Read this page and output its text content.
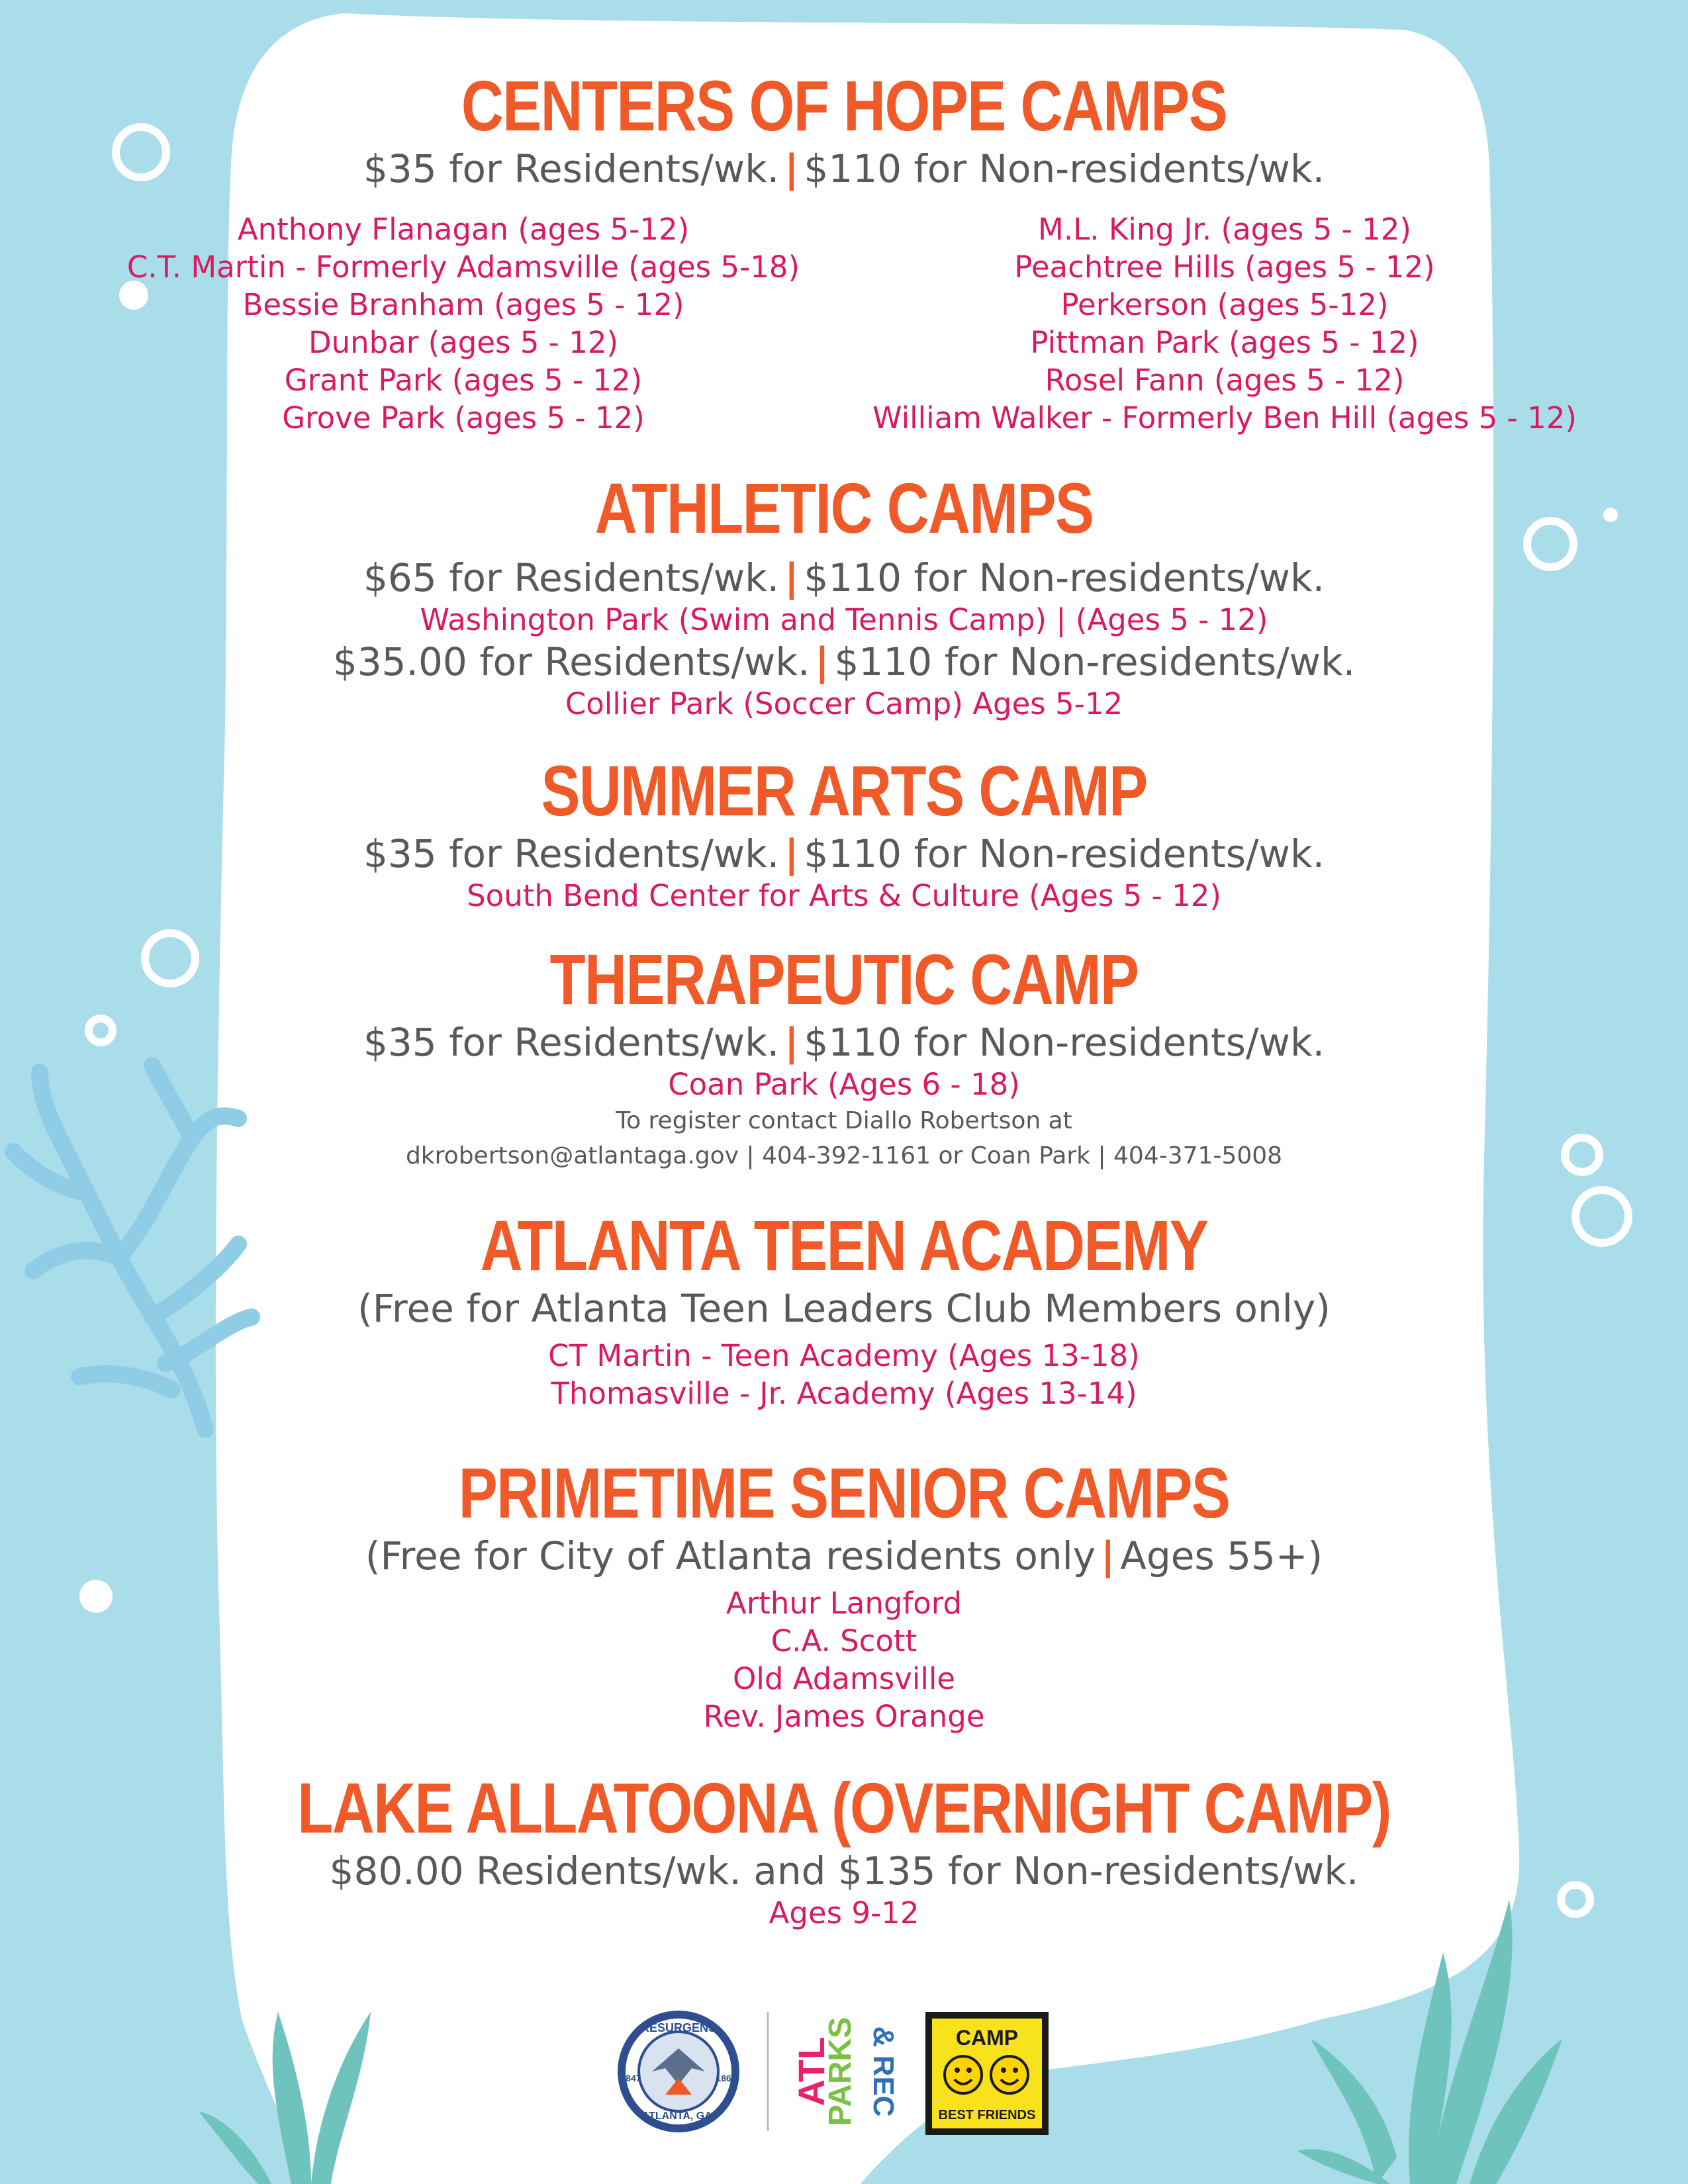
CENTERS OF HOPE CAMPS
$35 for Residents/wk. | $110 for Non-residents/wk.
Anthony Flanagan (ages 5-12)
C.T. Martin - Formerly Adamsville (ages 5-18)
Bessie Branham (ages 5 - 12)
Dunbar (ages 5 - 12)
Grant Park (ages 5 - 12)
Grove Park (ages 5 - 12)
M.L. King Jr. (ages 5 - 12)
Peachtree Hills (ages 5 - 12)
Perkerson (ages 5-12)
Pittman Park (ages 5 - 12)
Rosel Fann (ages 5 - 12)
William Walker - Formerly Ben Hill (ages 5 - 12)
ATHLETIC CAMPS
$65 for Residents/wk. | $110 for Non-residents/wk.
Washington Park (Swim and Tennis Camp) | (Ages 5 - 12)
$35.00 for Residents/wk. | $110 for Non-residents/wk.
Collier Park (Soccer Camp) Ages 5-12
SUMMER ARTS CAMP
$35 for Residents/wk. | $110 for Non-residents/wk.
South Bend Center for Arts & Culture (Ages 5 - 12)
THERAPEUTIC CAMP
$35 for Residents/wk. | $110 for Non-residents/wk.
Coan Park (Ages 6 - 18)
To register contact Diallo Robertson at
dkrobertson@atlantaga.gov | 404-392-1161 or Coan Park | 404-371-5008
ATLANTA TEEN ACADEMY
(Free for Atlanta Teen Leaders Club Members only)
CT Martin - Teen Academy (Ages 13-18)
Thomasville - Jr. Academy (Ages 13-14)
PRIMETIME SENIOR CAMPS
(Free for City of Atlanta residents only | Ages 55+)
Arthur Langford
C.A. Scott
Old Adamsville
Rev. James Orange
LAKE ALLATOONA (OVERNIGHT CAMP)
$80.00 Residents/wk. and $135 for Non-residents/wk.
Ages 9-12
RESURGENS
ATLANTA, GA.
1847	1865 ATL
PARKS & REC	CAMP
BEST FRIENDS
